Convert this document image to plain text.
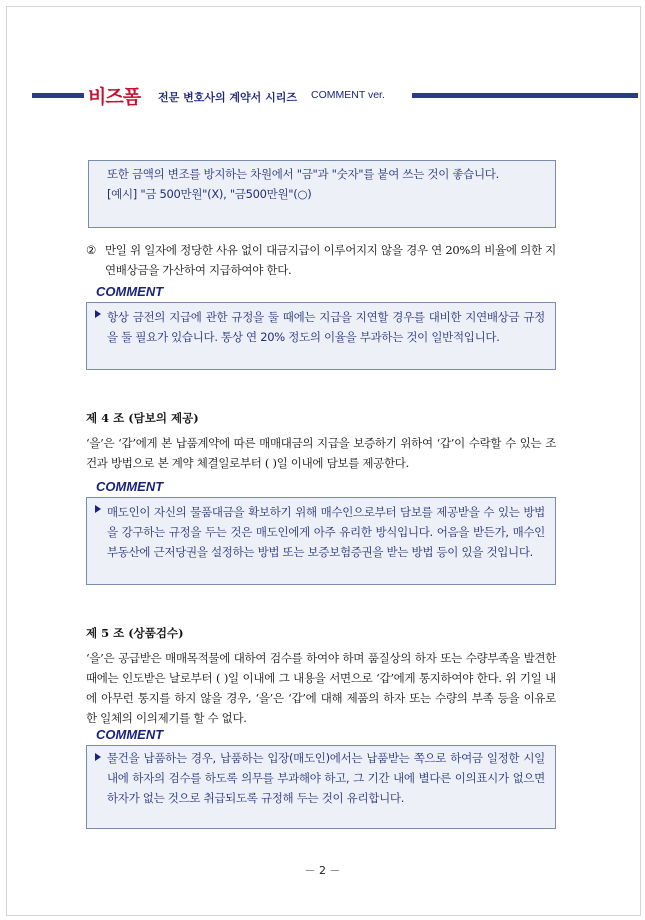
비즈폼 전문 변호사의 계약서 시리즈 COMMENT ver.

또한 금액의 변조를 방지하는 차원에서 "금"과 "숫자"를 붙여 쓰는 것이 좋습니다.

[예시] "금 500만원"(X), "금500만원"(○)

② 만일 위 일자에 정당한 사유 없이 대금지급이 이루어지지 않을 경우 연 20%의 비율에 의한 지연배상금을 가산하여 지급하여야 한다.
COMMENT

항상 금전의 지급에 관한 규정을 둘 때에는 지급을 지연할 경우를 대비한 지연배상금 규정을 둘 필요가 있습니다. 통상 연 20% 정도의 이율을 부과하는 것이 일반적입니다.

제 4 조 (담보의 제공)
‘을’은 ‘갑’에게 본 납품계약에 따른 매매대금의 지급을 보증하기 위하여 ‘갑’이 수락할 수 있는 조건과 방법으로 본 계약 체결일로부터 ( )일 이내에 담보를 제공한다.
COMMENT

매도인이 자신의 물품대금을 확보하기 위해 매수인으로부터 담보를 제공받을 수 있는 방법을 강구하는 규정을 두는 것은 매도인에게 아주 유리한 방식입니다. 어음을 받든가, 매수인 부동산에 근저당권을 설정하는 방법 또는 보증보험증권을 받는 방법 등이 있을 것입니다.

제 5 조 (상품검수)
‘을’은 공급받은 매매목적물에 대하여 검수를 하여야 하며 품질상의 하자 또는 수량부족을 발견한 때에는 인도받은 날로부터 ( )일 이내에 그 내용을 서면으로 ‘갑’에게 통지하여야 한다. 위 기일 내에 아무런 통지를 하지 않을 경우, ‘을’은 ‘갑’에 대해 제품의 하자 또는 수량의 부족 등을 이유로 한 일체의 이의제기를 할 수 없다.
COMMENT

물건을 납품하는 경우, 납품하는 입장(매도인)에서는 납품받는 쪽으로 하여금 일정한 시일 내에 하자의 검수를 하도록 의무를 부과해야 하고, 그 기간 내에 별다른 이의표시가 없으면 하자가 없는 것으로 취급되도록 규정해 두는 것이 유리합니다.

－ 2 －
